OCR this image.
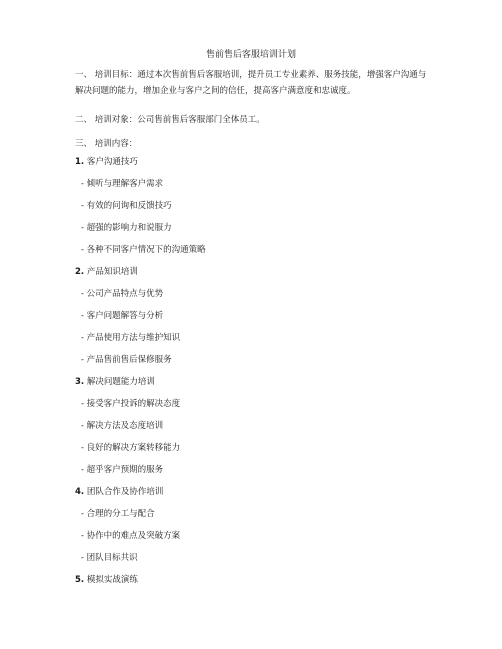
售前售后客服培训计划
一、 培训目标：通过本次售前售后客服培训，提升员工专业素养、服务技能，增强客户沟通与解决问题的能力，增加企业与客户之间的信任，提高客户满意度和忠诚度。
二、 培训对象：公司售前售后客服部门全体员工。
三、 培训内容：
1. 客户沟通技巧
- 倾听与理解客户需求
- 有效的问询和反馈技巧
- 超强的影响力和说服力
- 各种不同客户情况下的沟通策略
2. 产品知识培训
- 公司产品特点与优势
- 客户问题解答与分析
- 产品使用方法与维护知识
- 产品售前售后保修服务
3. 解决问题能力培训
- 接受客户投诉的解决态度
- 解决方法及态度培训
- 良好的解决方案转移能力
- 超乎客户预期的服务
4. 团队合作及协作培训
- 合理的分工与配合
- 协作中的难点及突破方案
- 团队目标共识
5. 模拟实战演练
